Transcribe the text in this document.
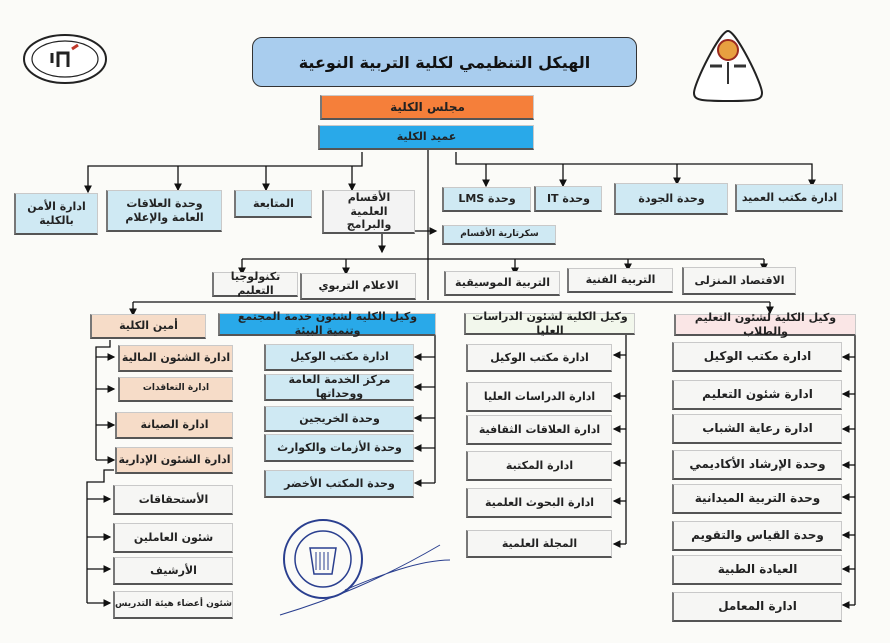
الهيكل التنظيمي لكلية التربية النوعية
مجلس الكلية
عميد الكلية
ادارة مكتب العميد
وحدة الجودة
وحدة IT
وحدة LMS
الأقسام العلمية والبرامج
المتابعة
وحدة العلاقات العامة والإعلام
ادارة الأمن بالكلية
سكرتارية الأقسام
الاقتصاد المنزلى
التربية الفنية
التربية الموسيقية
الاعلام التربوي
تكنولوجيا التعليم
وكيل الكلية لشئون التعليم والطلاب
وكيل الكلية لشئون الدراسات العليا
وكيل الكلية لشئون خدمة المجتمع وتنمية البيئة
أمين الكلية
ادارة مكتب الوكيل
ادارة شئون التعليم
ادارة رعاية الشباب
وحدة الإرشاد الأكاديمي
وحدة التربية الميدانية
وحدة القياس والتقويم
العيادة الطبية
ادارة المعامل
ادارة مكتب الوكيل
ادارة الدراسات العليا
ادارة العلاقات الثقافية
ادارة المكتبة
ادارة البحوث العلمية
المجلة العلمية
ادارة مكتب الوكيل
مركز الخدمة العامة ووحداتها
وحدة الخريجين
وحدة الأزمات والكوارث
وحدة المكتب الأخضر
ادارة الشئون المالية
ادارة التعاقدات
ادارة الصيانة
ادارة الشئون الإدارية
الأستحقاقات
شئون العاملين
الأرشيف
شئون أعضاء هيئة التدريس
